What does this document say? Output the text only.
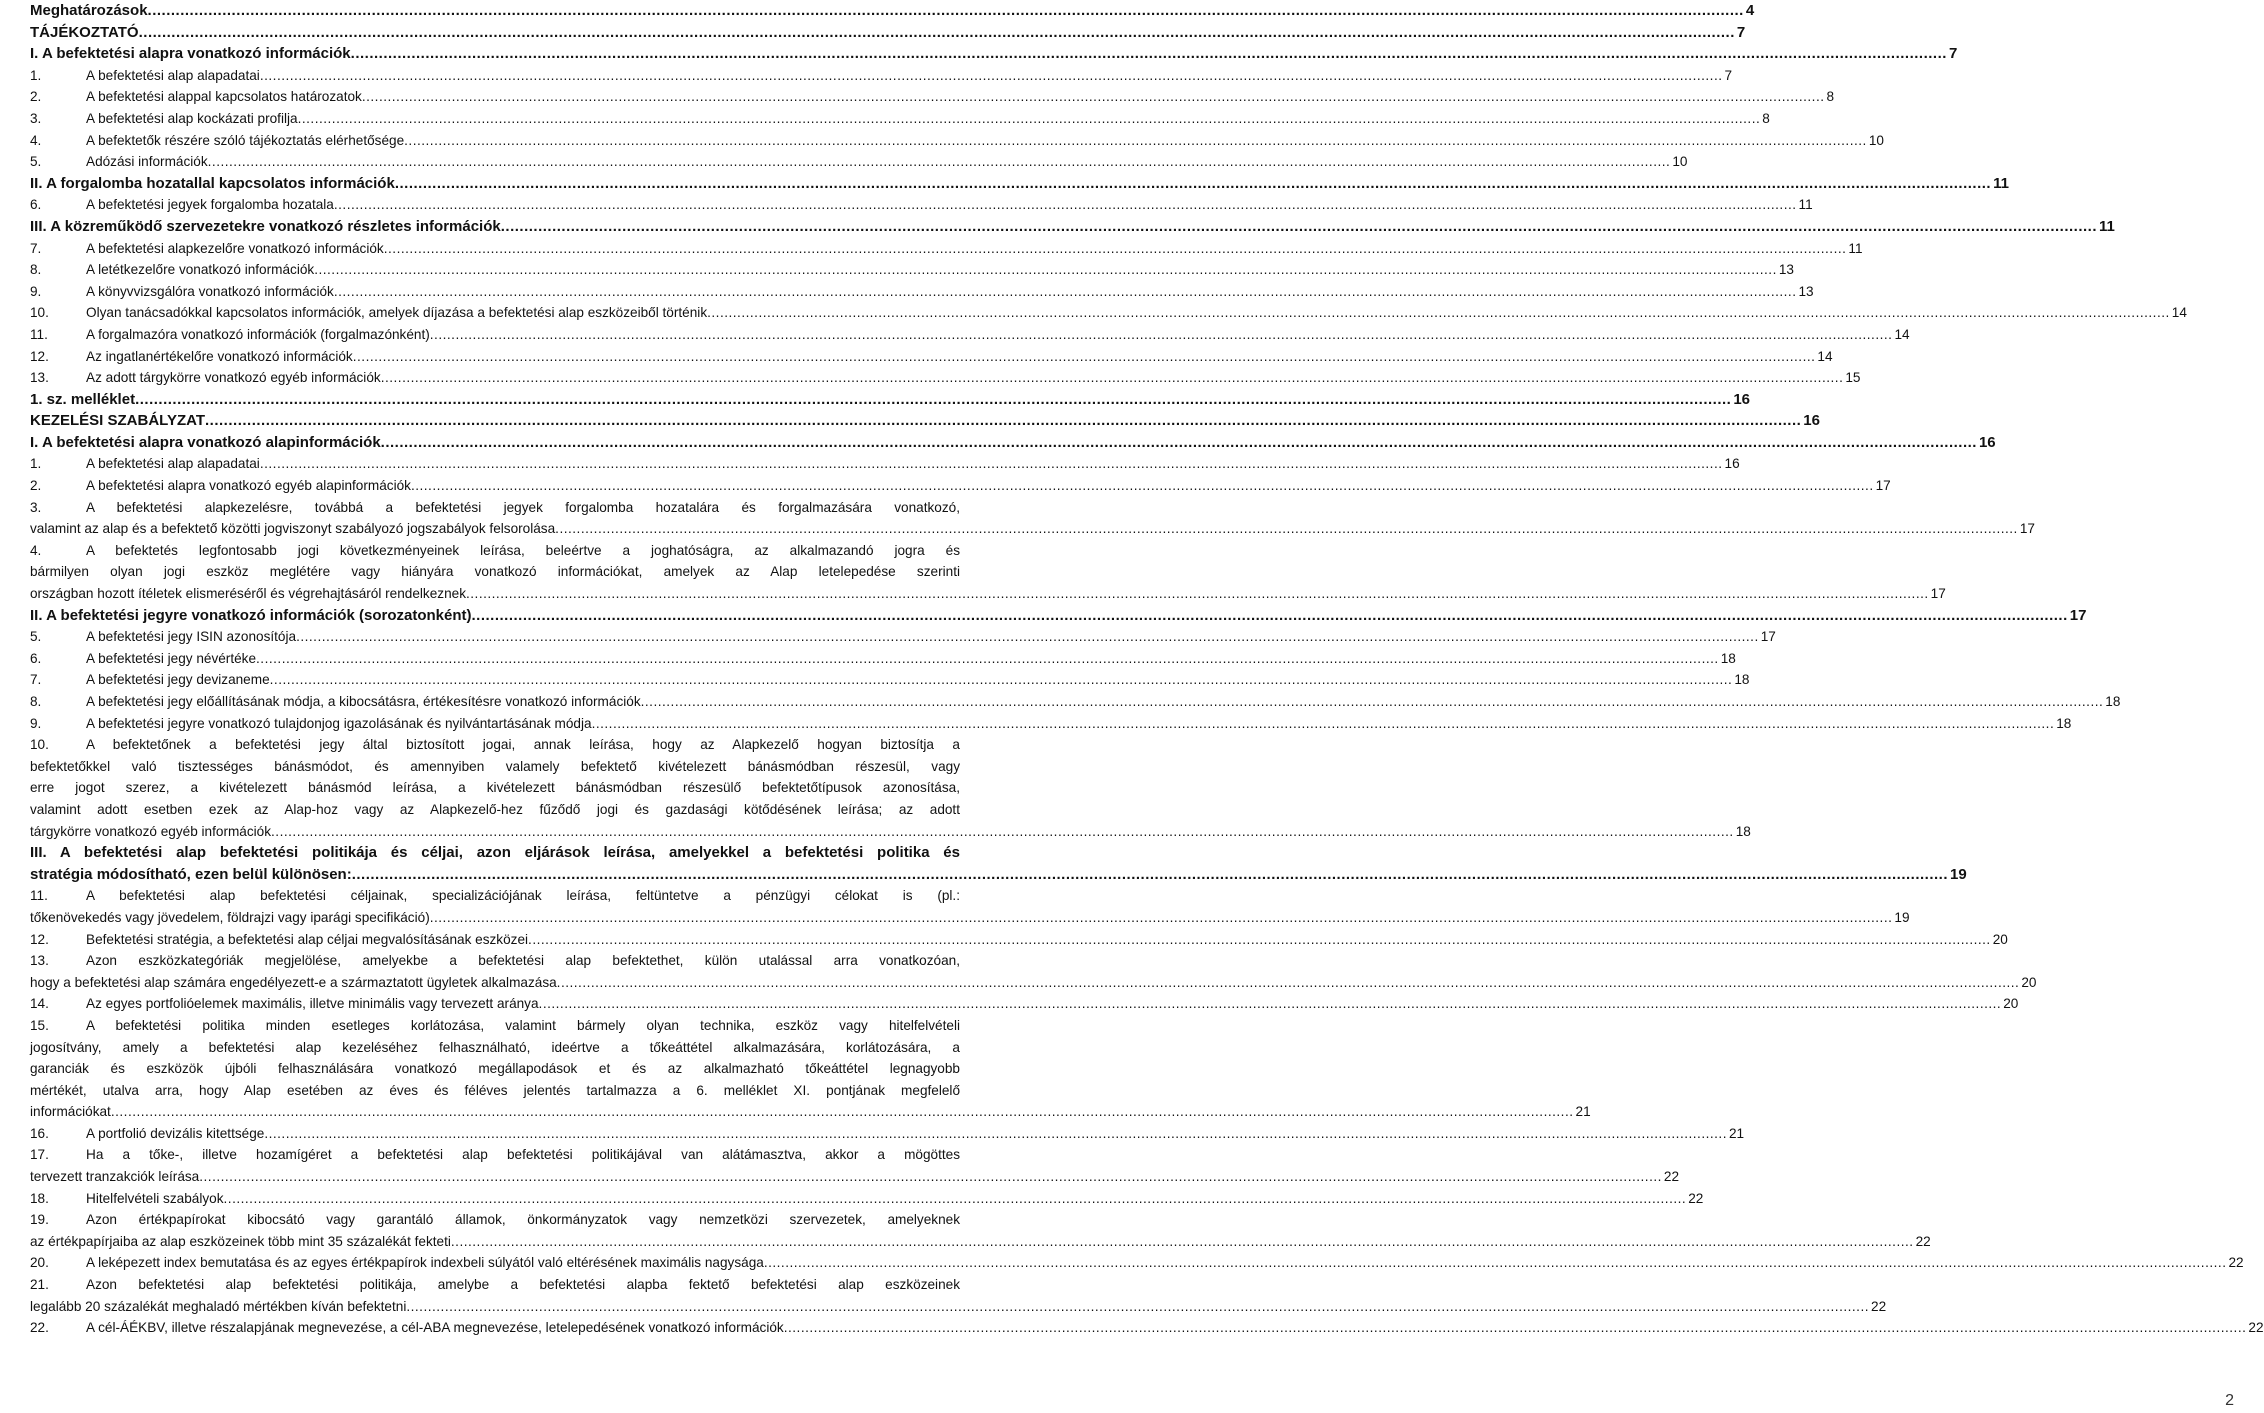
Meghatározások .....	4
TÁJÉKOZTATÓ .....	7
I. A befektetési alapra vonatkozó információk .....	7
1.	A befektetési alap alapadatai .....	7
2.	A befektetési alappal kapcsolatos határozatok .....	8
3.	A befektetési alap kockázati profilja .....	8
4.	A befektetők részére szóló tájékoztatás elérhetősége .....	10
5.	Adózási információk .....	10
II. A forgalomba hozatallal kapcsolatos információk .....	11
6.	A befektetési jegyek forgalomba hozatala .....	11
III. A közreműködő szervezetekre vonatkozó részletes információk .....	11
7.	A befektetési alapkezelőre vonatkozó információk .....	11
8.	A letétkezelőre vonatkozó információk .....	13
9.	A könyvvizsgálóra vonatkozó információk .....	13
10.	Olyan tanácsadókkal kapcsolatos információk, amelyek díjazása a befektetési alap eszközeiből történik .....	14
11.	A forgalmazóra vonatkozó információk (forgalmazónként) .....	14
12.	Az ingatlanértékelőre vonatkozó információk .....	14
13.	Az adott tárgykörre vonatkozó egyéb információk .....	15
1. sz. melléklet .....	16
KEZELÉSI SZABÁLYZAT .....	16
I. A befektetési alapra vonatkozó alapinformációk .....	16
1.	A befektetési alap alapadatai .....	16
2.	A befektetési alapra vonatkozó egyéb alapinformációk .....	17
3.	A befektetési alapkezelésre, továbbá a befektetési jegyek forgalomba hozatalára és forgalmazására vonatkozó,
valamint az alap és a befektető közötti jogviszonyt szabályozó jogszabályok felsorolása .....	17
4.	A befektetés legfontosabb jogi következményeinek leírása, beleértve a joghatóságra, az alkalmazandó jogra és
bármilyen olyan jogi eszköz meglétére vagy hiányára vonatkozó információkat, amelyek az Alap letelepedése szerinti
országban hozott ítéletek elismeréséről és végrehajtásáról rendelkeznek .....	17
II. A befektetési jegyre vonatkozó információk (sorozatonként) .....	17
5.	A befektetési jegy ISIN azonosítója .....	17
6.	A befektetési jegy névértéke .....	18
7.	A befektetési jegy devizaneme .....	18
8.	A befektetési jegy előállításának módja, a kibocsátásra, értékesítésre vonatkozó információk .....	18
9.	A befektetési jegyre vonatkozó tulajdonjog igazolásának és nyilvántartásának módja .....	18
10.	A befektetőnek a befektetési jegy által biztosított jogai, annak leírása, hogy az Alapkezelő hogyan biztosítja a
befektetőkkel való tisztességes bánásmódot, és amennyiben valamely befektető kivételezett bánásmódban részesül, vagy
erre jogot szerez, a kivételezett bánásmód leírása, a kivételezett bánásmódban részesülő befektetőtípusok azonosítása,
valamint adott esetben ezek az Alap-hoz vagy az Alapkezelő-hez fűződő jogi és gazdasági kötődésének leírása; az adott
tárgykörre vonatkozó egyéb információk .....	18
III. A befektetési alap befektetési politikája és céljai, azon eljárások leírása, amelyekkel a befektetési politika és
stratégia módosítható, ezen belül különösen: .....	19
11.	A befektetési alap befektetési céljainak, specializációjának leírása, feltüntetve a pénzügyi célokat is (pl.:
tőkenövekedés vagy jövedelem, földrajzi vagy iparági specifikáció) .....	19
12.	Befektetési stratégia, a befektetési alap céljai megvalósításának eszközei .....	20
13.	Azon eszközkategóriák megjelölése, amelyekbe a befektetési alap befektethet, külön utalással arra vonatkozóan,
hogy a befektetési alap számára engedélyezett-e a származtatott ügyletek alkalmazása .....	20
14.	Az egyes portfolióelemek maximális, illetve minimális vagy tervezett aránya .....	20
15.	A befektetési politika minden esetleges korlátozása, valamint bármely olyan technika, eszköz vagy hitelfelvételi
jogosítvány, amely a befektetési alap kezeléséhez felhasználható, ideértve a tőkeáttétel alkalmazására, korlátozására, a
garanciák és eszközök újbóli felhasználására vonatkozó megállapodások et és az alkalmazható tőkeáttétel legnagyobb
mértékét, utalva arra, hogy Alap esetében az éves és féléves jelentés tartalmazza a 6. melléklet XI. pontjának megfelelő
információkat .....	21
16.	A portfolió devizális kitettsége .....	21
17.	Ha a tőke-, illetve hozamígéret a befektetési alap befektetési politikájával van alátámasztva, akkor a mögöttes
tervezett tranzakciók leírása .....	22
18.	Hitelfelvételi szabályok .....	22
19.	Azon értékpapírokat kibocsátó vagy garantáló államok, önkormányzatok vagy nemzetközi szervezetek, amelyeknek
az értékpapírjaiba az alap eszközeinek több mint 35 százalékát fekteti .....	22
20.	A leképezett index bemutatása és az egyes értékpapírok indexbeli súlyától való eltérésének maximális nagysága .....	22
21.	Azon befektetési alap befektetési politikája, amelybe a befektetési alapba fektető befektetési alap eszközeinek
legalább 20 százalékát meghaladó mértékben kíván befektetni .....	22
22.	A cél-ÁÉKBV, illetve részalapjának megnevezése, a cél-ABA megnevezése, letelepedésének vonatkozó információk .....	22
2
